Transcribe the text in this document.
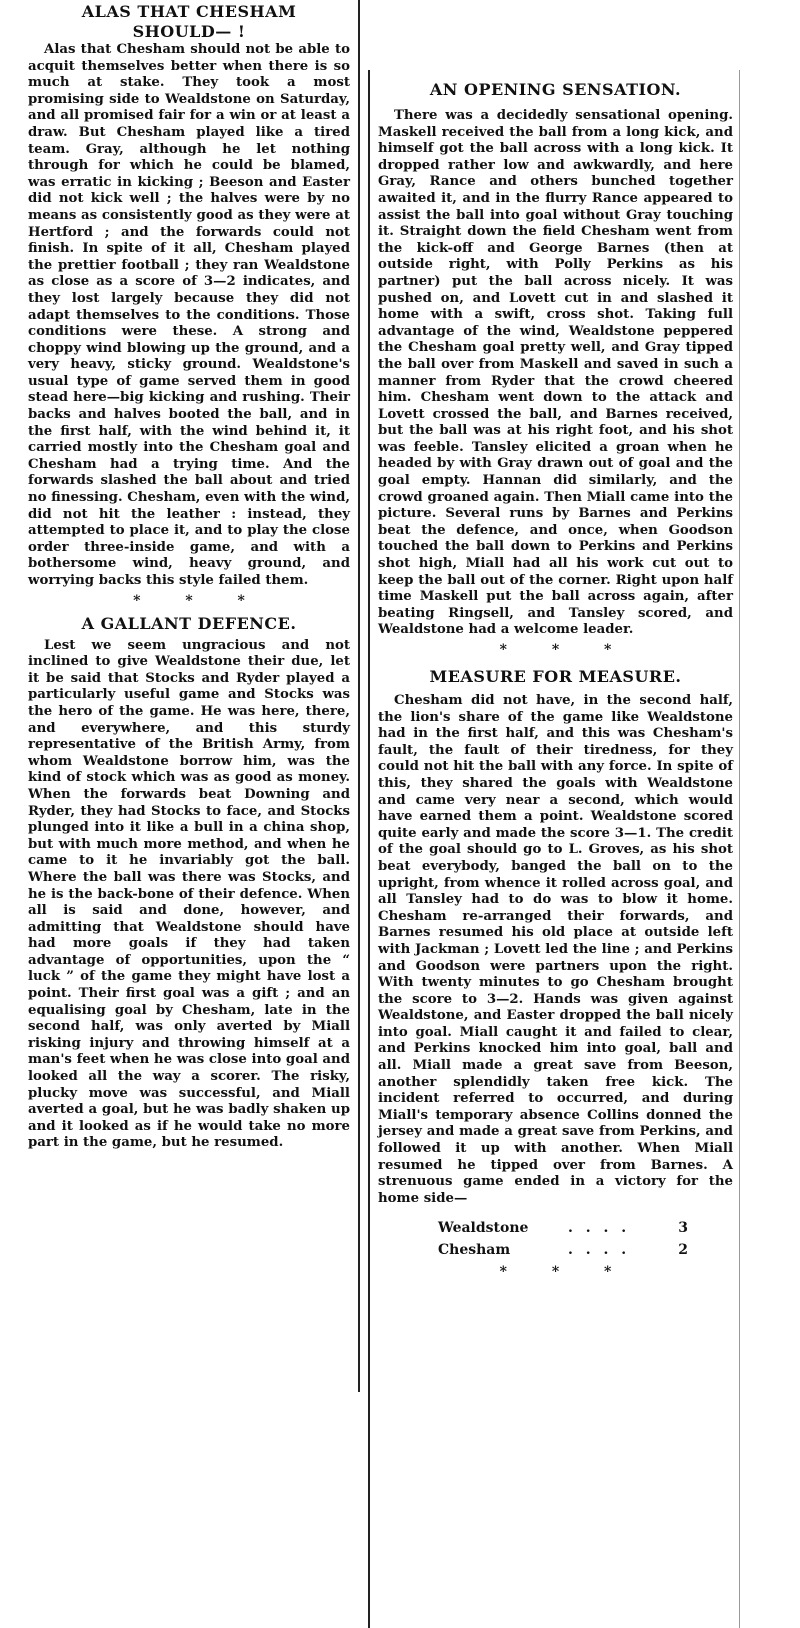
ALAS THAT CHESHAM
SHOULD— !

Alas that Chesham should not be able to acquit themselves better when there is so much at stake. They took a most promising side to Wealdstone on Saturday, and all promised fair for a win or at least a draw. But Chesham played like a tired team. Gray, although he let nothing through for which he could be blamed, was erratic in kicking ; Beeson and Easter did not kick well ; the halves were by no means as consistently good as they were at Hertford ; and the forwards could not finish. In spite of it all, Chesham played the prettier football ; they ran Wealdstone as close as a score of 3—2 indicates, and they lost largely because they did not adapt themselves to the conditions. Those conditions were these. A strong and choppy wind blowing up the ground, and a very heavy, sticky ground. Wealdstone's usual type of game served them in good stead here—big kicking and rushing. Their backs and halves booted the ball, and in the first half, with the wind behind it, it carried mostly into the Chesham goal and Chesham had a trying time. And the forwards slashed the ball about and tried no finessing. Chesham, even with the wind, did not hit the leather : instead, they attempted to place it, and to play the close order three-inside game, and with a bothersome wind, heavy ground, and worrying backs this style failed them.

* * *
A GALLANT DEFENCE.

Lest we seem ungracious and not inclined to give Wealdstone their due, let it be said that Stocks and Ryder played a particularly useful game and Stocks was the hero of the game. He was here, there, and everywhere, and this sturdy representative of the British Army, from whom Wealdstone borrow him, was the kind of stock which was as good as money. When the forwards beat Downing and Ryder, they had Stocks to face, and Stocks plunged into it like a bull in a china shop, but with much more method, and when he came to it he invariably got the ball. Where the ball was there was Stocks, and he is the back-bone of their defence. When all is said and done, however, and admitting that Wealdstone should have had more goals if they had taken advantage of opportunities, upon the “ luck ” of the game they might have lost a point. Their first goal was a gift ; and an equalising goal by Chesham, late in the second half, was only averted by Miall risking injury and throwing himself at a man's feet when he was close into goal and looked all the way a scorer. The risky, plucky move was successful, and Miall averted a goal, but he was badly shaken up and it looked as if he would take no more part in the game, but he resumed.

AN OPENING SENSATION.

There was a decidedly sensational opening. Maskell received the ball from a long kick, and himself got the ball across with a long kick. It dropped rather low and awkwardly, and here Gray, Rance and others bunched together awaited it, and in the flurry Rance appeared to assist the ball into goal without Gray touching it. Straight down the field Chesham went from the kick-off and George Barnes (then at outside right, with Polly Perkins as his partner) put the ball across nicely. It was pushed on, and Lovett cut in and slashed it home with a swift, cross shot. Taking full advantage of the wind, Wealdstone peppered the Chesham goal pretty well, and Gray tipped the ball over from Maskell and saved in such a manner from Ryder that the crowd cheered him. Chesham went down to the attack and Lovett crossed the ball, and Barnes received, but the ball was at his right foot, and his shot was feeble. Tansley elicited a groan when he headed by with Gray drawn out of goal and the goal empty. Hannan did similarly, and the crowd groaned again. Then Miall came into the picture. Several runs by Barnes and Perkins beat the defence, and once, when Goodson touched the ball down to Perkins and Perkins shot high, Miall had all his work cut out to keep the ball out of the corner. Right upon half time Maskell put the ball across again, after beating Ringsell, and Tansley scored, and Wealdstone had a welcome leader.

* * *
MEASURE FOR MEASURE.

Chesham did not have, in the second half, the lion's share of the game like Wealdstone had in the first half, and this was Chesham's fault, the fault of their tiredness, for they could not hit the ball with any force. In spite of this, they shared the goals with Wealdstone and came very near a second, which would have earned them a point. Wealdstone scored quite early and made the score 3—1. The credit of the goal should go to L. Groves, as his shot beat everybody, banged the ball on to the upright, from whence it rolled across goal, and all Tansley had to do was to blow it home. Chesham re-arranged their forwards, and Barnes resumed his old place at outside left with Jackman ; Lovett led the line ; and Perkins and Goodson were partners upon the right. With twenty minutes to go Chesham brought the score to 3—2. Hands was given against Wealdstone, and Easter dropped the ball nicely into goal. Miall caught it and failed to clear, and Perkins knocked him into goal, ball and all. Miall made a great save from Beeson, another splendidly taken free kick. The incident referred to occurred, and during Miall's temporary absence Collins donned the jersey and made a great save from Perkins, and followed it up with another. When Miall resumed he tipped over from Barnes. A strenuous game ended in a victory for the home side—

Wealdstone	. . . .	3
Chesham	. . . .	2
* * *
